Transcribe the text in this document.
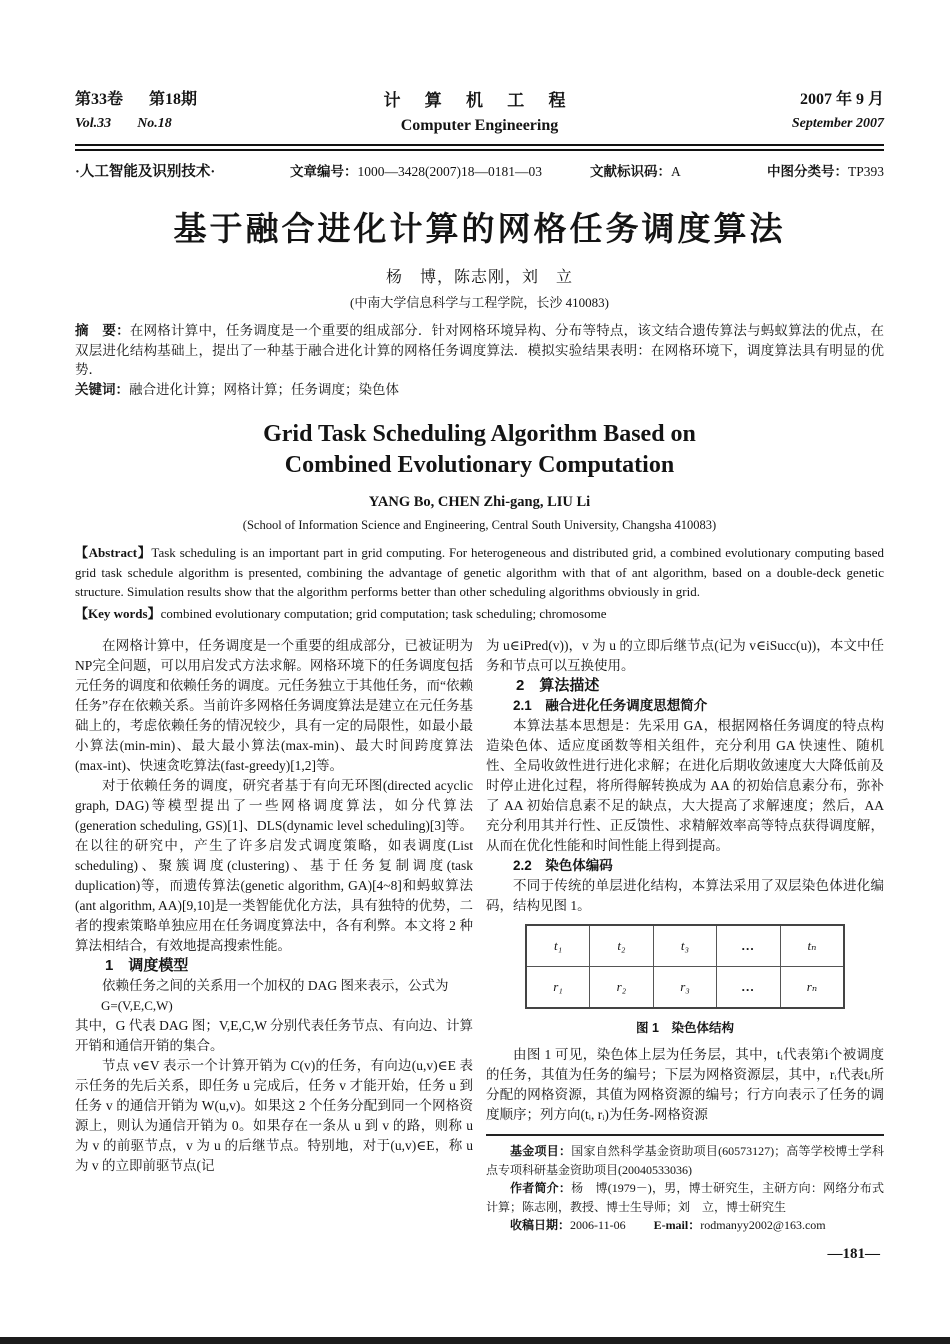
第33卷 第18期
Vol.33 No.18
计 算 机 工 程
Computer Engineering
2007 年 9 月
September 2007
·人工智能及识别技术·	文章编号：1000—3428(2007)18—0181—03	文献标识码：A	中图分类号：TP393
基于融合进化计算的网格任务调度算法
杨　博，陈志刚，刘　立
(中南大学信息科学与工程学院，长沙 410083)
摘　要：在网格计算中，任务调度是一个重要的组成部分．针对网格环境异构、分布等特点，该文结合遗传算法与蚂蚁算法的优点，在双层进化结构基础上，提出了一种基于融合进化计算的网格任务调度算法．模拟实验结果表明：在网格环境下，调度算法具有明显的优势．
关键词：融合进化计算；网格计算；任务调度；染色体
Grid Task Scheduling Algorithm Based on
Combined Evolutionary Computation
YANG Bo, CHEN Zhi-gang, LIU Li
(School of Information Science and Engineering, Central South University, Changsha 410083)
【Abstract】Task scheduling is an important part in grid computing. For heterogeneous and distributed grid, a combined evolutionary computing based grid task schedule algorithm is presented, combining the advantage of genetic algorithm with that of ant algorithm, based on a double-deck genetic structure. Simulation results show that the algorithm performs better than other scheduling algorithms obviously in grid.
【Key words】combined evolutionary computation; grid computation; task scheduling; chromosome

在网格计算中，任务调度是一个重要的组成部分，已被证明为NP完全问题，可以用启发式方法求解。网格环境下的任务调度包括元任务的调度和依赖任务的调度。元任务独立于其他任务，而“依赖任务”存在依赖关系。当前许多网格任务调度算法是建立在元任务基础上的，考虑依赖任务的情况较少，具有一定的局限性，如最小最小算法(min-min)、最大最小算法(max-min)、最大时间跨度算法(max-int)、快速贪吃算法(fast-greedy)[1,2]等。

对于依赖任务的调度，研究者基于有向无环图(directed acyclic graph, DAG)等模型提出了一些网格调度算法，如分代算法(generation scheduling, GS)[1]、DLS(dynamic level scheduling)[3]等。在以往的研究中，产生了许多启发式调度策略，如表调度(List scheduling)、聚簇调度(clustering)、基于任务复制调度(task duplication)等，而遗传算法(genetic algorithm, GA)[4~8]和蚂蚁算法(ant algorithm, AA)[9,10]是一类智能优化方法，具有独特的优势，二者的搜索策略单独应用在任务调度算法中，各有利弊。本文将 2 种算法相结合，有效地提高搜索性能。

1　调度模型

依赖任务之间的关系用一个加权的 DAG 图来表示，公式为

G=(V,E,C,W)

其中，G 代表 DAG 图；V,E,C,W 分别代表任务节点、有向边、计算开销和通信开销的集合。

节点 v∈V 表示一个计算开销为 C(v)的任务，有向边(u,v)∈E 表示任务的先后关系，即任务 u 完成后，任务 v 才能开始，任务 u 到任务 v 的通信开销为 W(u,v)。如果这 2 个任务分配到同一个网格资源上，则认为通信开销为 0。如果存在一条从 u 到 v 的路，则称 u 为 v 的前驱节点，v 为 u 的后继节点。特别地，对于(u,v)∈E，称 u 为 v 的立即前驱节点(记

为 u∈iPred(v))，v 为 u 的立即后继节点(记为 v∈iSucc(u))，本文中任务和节点可以互换使用。

2　算法描述

2.1　融合进化任务调度思想简介

本算法基本思想是：先采用 GA，根据网格任务调度的特点构造染色体、适应度函数等相关组件，充分利用 GA 快速性、随机性、全局收敛性进行进化求解；在进化后期收敛速度大大降低前及时停止进化过程，将所得解转换成为 AA 的初始信息素分布，弥补了 AA 初始信息素不足的缺点，大大提高了求解速度；然后，AA 充分利用其并行性、正反馈性、求精解效率高等特点获得调度解，从而在优化性能和时间性能上得到提高。

2.2　染色体编码

不同于传统的单层进化结构，本算法采用了双层染色体进化编码，结构见图 1。

t₁	t₂	t₃	…	tₙ
r₁	r₂	r₃	…	rₙ
图 1　染色体结构

由图 1 可见，染色体上层为任务层，其中，tᵢ代表第i个被调度的任务，其值为任务的编号；下层为网格资源层，其中，rᵢ代表tᵢ所分配的网格资源，其值为网格资源的编号；行方向表示了任务的调度顺序；列方向(tᵢ, rᵢ)为任务-网格资源

基金项目：国家自然科学基金资助项目(60573127)；高等学校博士学科点专项科研基金资助项目(20040533036)

作者简介：杨　博(1979－)，男，博士研究生，主研方向：网络分布式计算；陈志刚，教授、博士生导师；刘　立，博士研究生

收稿日期：2006-11-06 E-mail：rodmanyy2002@163.com

—181—
